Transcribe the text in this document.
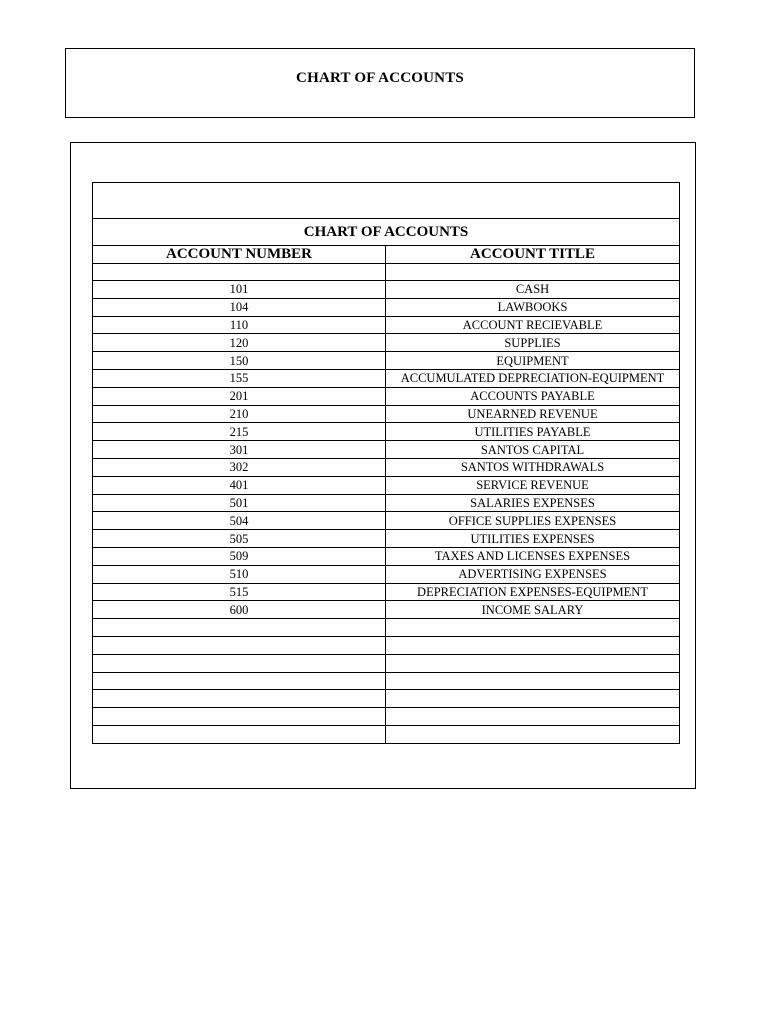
CHART OF ACCOUNTS

CHART OF ACCOUNTS	
ACCOUNT NUMBER	ACCOUNT TITLE

101	CASH
104	LAWBOOKS
110	ACCOUNT RECIEVABLE
120	SUPPLIES
150	EQUIPMENT
155	ACCUMULATED DEPRECIATION-EQUIPMENT
201	ACCOUNTS PAYABLE
210	UNEARNED REVENUE
215	UTILITIES PAYABLE
301	SANTOS CAPITAL
302	SANTOS WITHDRAWALS
401	SERVICE REVENUE
501	SALARIES EXPENSES
504	OFFICE SUPPLIES EXPENSES
505	UTILITIES EXPENSES
509	TAXES AND LICENSES EXPENSES
510	ADVERTISING EXPENSES
515	DEPRECIATION EXPENSES-EQUIPMENT
600	INCOME SALARY
